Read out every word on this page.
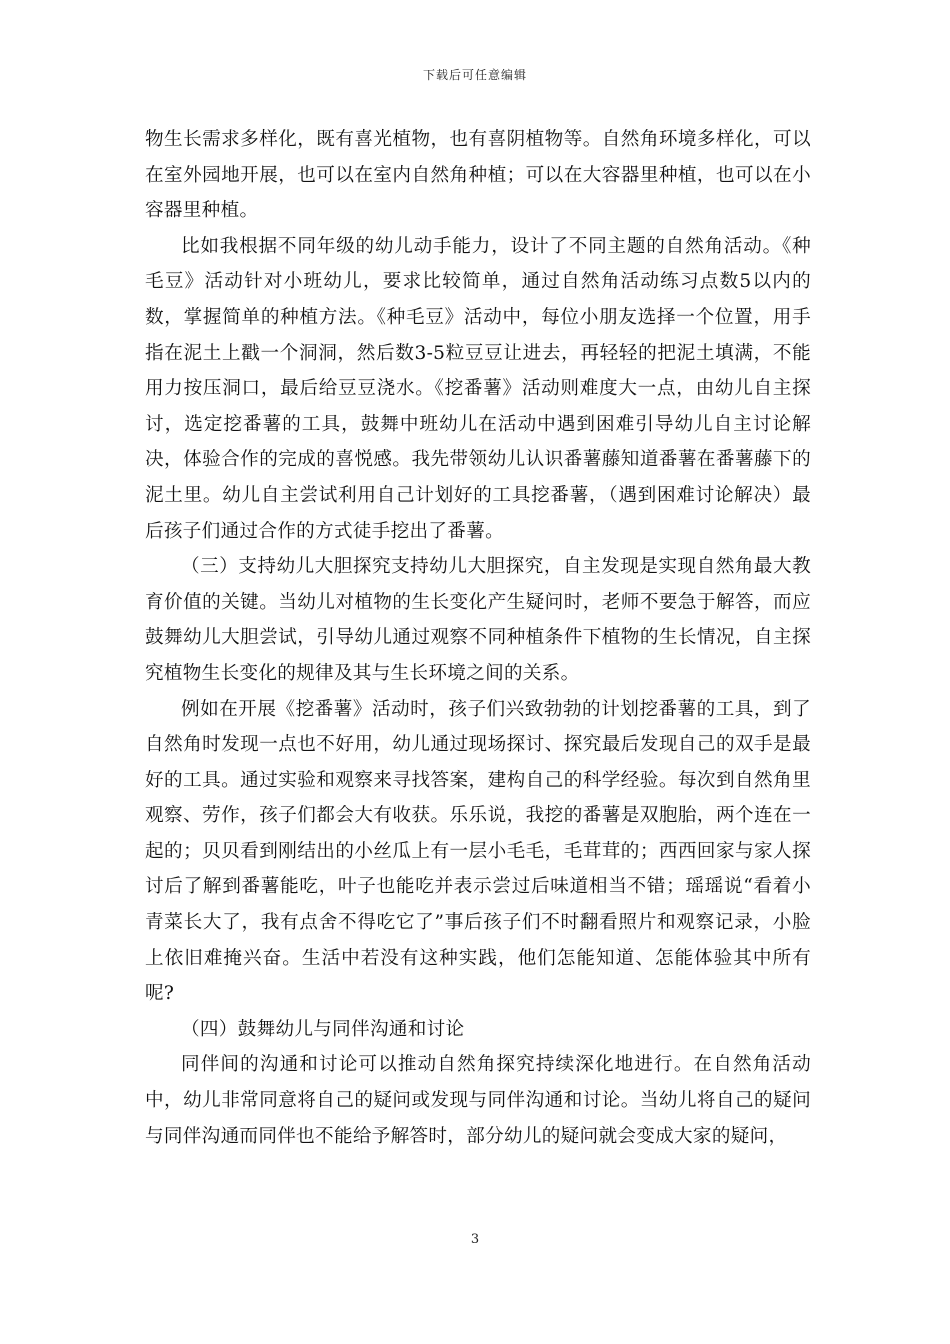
下载后可任意编辑

物生长需求多样化，既有喜光植物，也有喜阴植物等。自然角环境多样化，可以在室外园地开展，也可以在室内自然角种植；可以在大容器里种植，也可以在小容器里种植。

比如我根据不同年级的幼儿动手能力，设计了不同主题的自然角活动。《种毛豆》活动针对小班幼儿，要求比较简单，通过自然角活动练习点数5以内的数，掌握简单的种植方法。《种毛豆》活动中，每位小朋友选择一个位置，用手指在泥土上戳一个洞洞，然后数3-5粒豆豆让进去，再轻轻的把泥土填满，不能用力按压洞口，最后给豆豆浇水。《挖番薯》活动则难度大一点，由幼儿自主探讨，选定挖番薯的工具，鼓舞中班幼儿在活动中遇到困难引导幼儿自主讨论解决，体验合作的完成的喜悦感。我先带领幼儿认识番薯藤知道番薯在番薯藤下的泥土里。幼儿自主尝试利用自己计划好的工具挖番薯，（遇到困难讨论解决）最后孩子们通过合作的方式徒手挖出了番薯。

（三）支持幼儿大胆探究支持幼儿大胆探究，自主发现是实现自然角最大教育价值的关键。当幼儿对植物的生长变化产生疑问时，老师不要急于解答，而应鼓舞幼儿大胆尝试，引导幼儿通过观察不同种植条件下植物的生长情况，自主探究植物生长变化的规律及其与生长环境之间的关系。

例如在开展《挖番薯》活动时，孩子们兴致勃勃的计划挖番薯的工具，到了自然角时发现一点也不好用，幼儿通过现场探讨、探究最后发现自己的双手是最好的工具。通过实验和观察来寻找答案，建构自己的科学经验。每次到自然角里观察、劳作，孩子们都会大有收获。乐乐说，我挖的番薯是双胞胎，两个连在一起的；贝贝看到刚结出的小丝瓜上有一层小毛毛，毛茸茸的；西西回家与家人探讨后了解到番薯能吃，叶子也能吃并表示尝过后味道相当不错；瑶瑶说“看着小青菜长大了，我有点舍不得吃它了”事后孩子们不时翻看照片和观察记录，小脸上依旧难掩兴奋。生活中若没有这种实践，他们怎能知道、怎能体验其中所有呢?

（四）鼓舞幼儿与同伴沟通和讨论

同伴间的沟通和讨论可以推动自然角探究持续深化地进行。在自然角活动中，幼儿非常同意将自己的疑问或发现与同伴沟通和讨论。当幼儿将自己的疑问与同伴沟通而同伴也不能给予解答时，部分幼儿的疑问就会变成大家的疑问，

3
